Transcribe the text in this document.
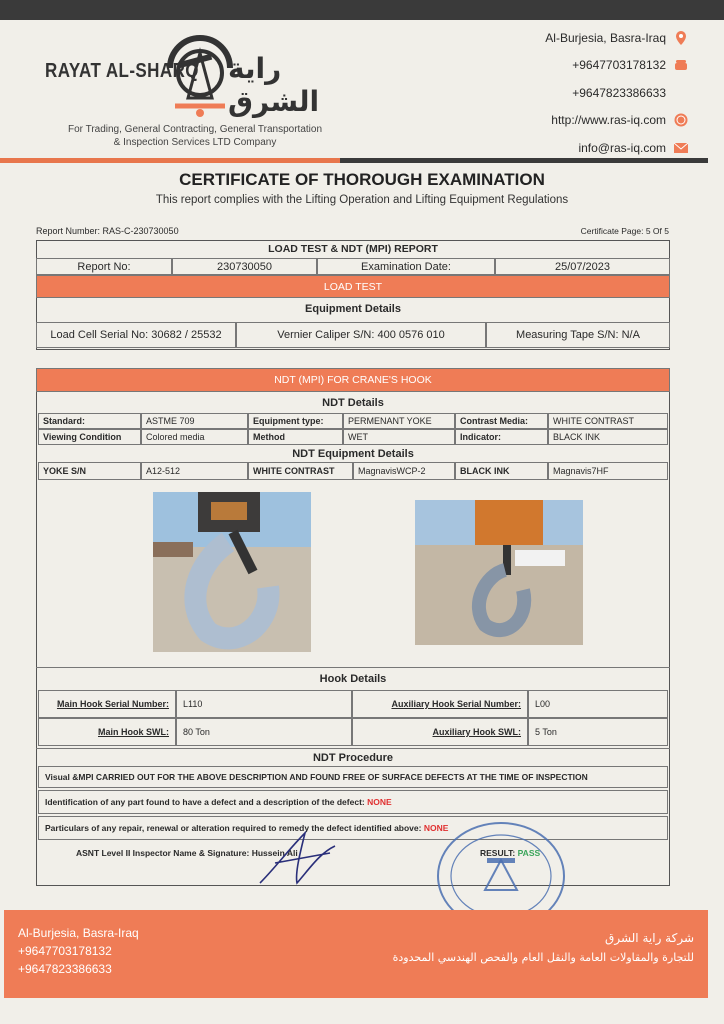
RAYAT AL-SHARQ راية الشرق
For Trading, General Contracting, General Transportation
& Inspection Services LTD Company
Al-Burjesia, Basra-Iraq
+9647703178132
+9647823386633
http://www.ras-iq.com
info@ras-iq.com
CERTIFICATE OF THOROUGH EXAMINATION
This report complies with the Lifting Operation and Lifting Equipment Regulations
Report Number: RAS-C-230730050	Certificate Page: 5 Of 5
LOAD TEST & NDT (MPI) REPORT
Report No:	230730050	Examination Date:	25/07/2023
LOAD TEST
Equipment Details
Load Cell Serial No: 30682 / 25532	Vernier Caliper S/N: 400 0576 010	Measuring Tape S/N: N/A
NDT (MPI) FOR CRANE'S HOOK
NDT Details
Standard:	ASTME 709	Equipment type:	PERMENANT YOKE	Contrast Media:	WHITE CONTRAST
Viewing Condition	Colored media	Method	WET	Indicator:	BLACK INK
NDT Equipment Details
YOKE S/N	A12-512	WHITE CONTRAST	MagnavisWCP-2	BLACK INK	Magnavis7HF
Hook Details
Main Hook Serial Number:	L110	Auxiliary Hook Serial Number:	L00
Main Hook SWL:	80 Ton	Auxiliary Hook SWL:	5 Ton
NDT Procedure
Visual &MPI CARRIED OUT FOR THE ABOVE DESCRIPTION AND FOUND FREE OF SURFACE DEFECTS AT THE TIME OF INSPECTION
Identification of any part found to have a defect and a description of the defect:
NONE
Particulars of any repair, renewal or alteration required to remedy the defect identified above:
NONE
ASNT Level II Inspector Name & Signature: Hussein Ali	RESULT:
PASS
Al-Burjesia, Basra-Iraq
+9647703178132
+9647823386633
شركة راية الشرق
للتجارة والمقاولات العامة والنقل العام والفحص الهندسي المحدودة
